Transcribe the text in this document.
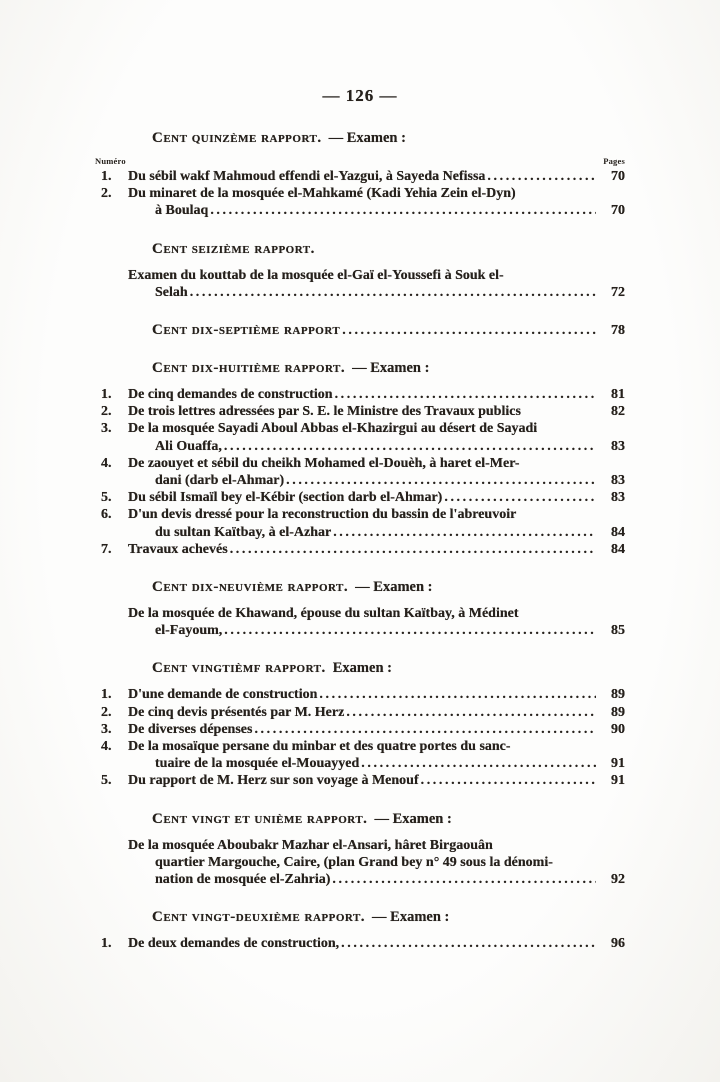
— 126 —
Cent quinzème rapport. — Examen :
Numéro	Pages
1.	Du sébil wakf Mahmoud effendi el-Yazgui, à Sayeda Nefissa .....	70
2.	Du minaret de la mosquée el-Mahkamé (Kadi Yehia Zein el-Dyn)
à Boulaq .....	70
Cent seizième rapport.
Examen du kouttab de la mosquée el-Gaï el-Youssefi à Souk el-
Selah .....	72
Cent dix-septième rapport .....	78
Cent dix-huitième rapport. — Examen :
1.	De cinq demandes de construction .....	81
2.	De trois lettres adressées par S. E. le Ministre des Travaux publics	82
3.	De la mosquée Sayadi Aboul Abbas el-Khazirgui au désert de Sayadi
Ali Ouaffa, .....	83
4.	De zaouyet et sébil du cheikh Mohamed el-Douèh, à haret el-Mer-
dani (darb el-Ahmar) .....	83
5.	Du sébil Ismaïl bey el-Kébir (section darb el-Ahmar) .....	83
6.	D'un devis dressé pour la reconstruction du bassin de l'abreuvoir
du sultan Kaïtbay, à el-Azhar .....	84
7.	Travaux achevés .....	84
Cent dix-neuvième rapport. — Examen :
De la mosquée de Khawand, épouse du sultan Kaïtbay, à Médinet
el-Fayoum, .....	85
Cent vingtièmf rapport. Examen :
1.	D'une demande de construction .....	89
2.	De cinq devis présentés par M. Herz .....	89
3.	De diverses dépenses .....	90
4.	De la mosaïque persane du minbar et des quatre portes du sanc-
tuaire de la mosquée el-Mouayyed .....	91
5.	Du rapport de M. Herz sur son voyage à Menouf .....	91
Cent vingt et unième rapport. — Examen :
De la mosquée Aboubakr Mazhar el-Ansari, hâret Birgaouân
quartier Margouche, Caire, (plan Grand bey n° 49 sous la dénomi-
nation de mosquée el-Zahria) .....	92
Cent vingt-deuxième rapport. — Examen :
1.	De deux demandes de construction, .....	96
